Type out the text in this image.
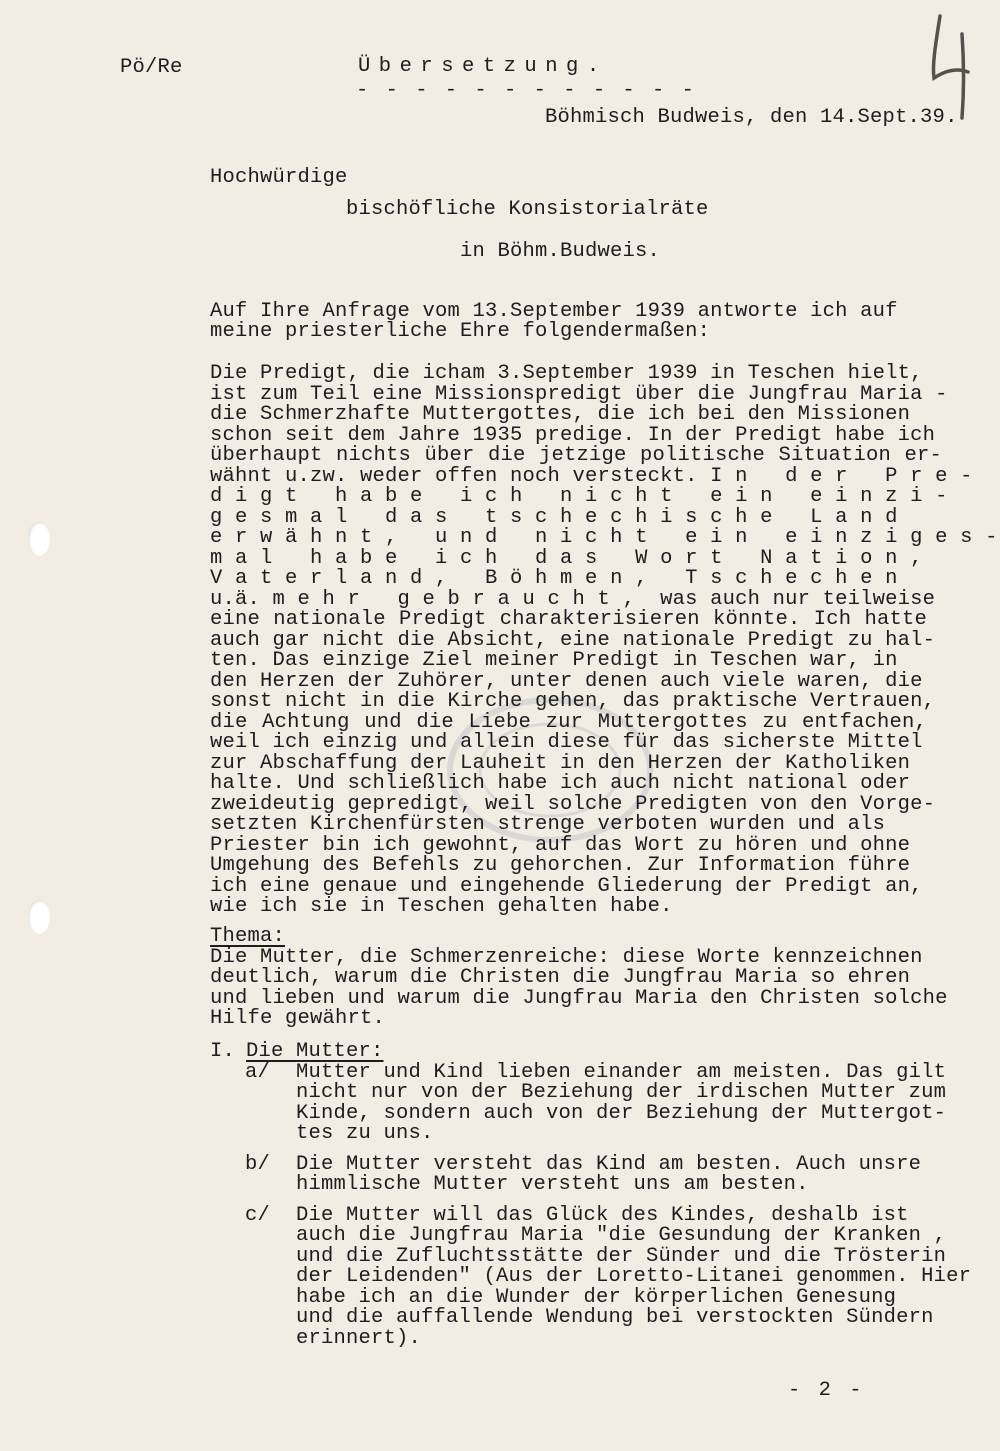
Pö/Re	Übersetzung.
- - - - - - - - - - - -
Böhmisch Budweis, den 14.Sept.39.
Hochwürdige
bischöfliche Konsistorialräte
in Böhm.Budweis.
Auf Ihre Anfrage vom 13.September 1939 antworte ich auf
meine priesterliche Ehre folgendermaßen:
Die Predigt, die icham 3.September 1939 in Teschen hielt,
ist zum Teil eine Missionspredigt über die Jungfrau Maria -
die Schmerzhafte Muttergottes, die ich bei den Missionen
schon seit dem Jahre 1935 predige. In der Predigt habe ich
überhaupt nichts über die jetzige politische Situation er-
wähnt u.zw. weder offen noch versteckt. I n   d e r   P r e -
d i g t   h a b e   i c h   n i c h t   e i n   e i n z i -
g e s m a l   d a s   t s c h e c h i s c h e   L a n d
e r w ä h n t ,   u n d   n i c h t   e i n   e i n z i g e s -
m a l   h a b e   i c h   d a s   W o r t   N a t i o n ,
V a t e r l a n d ,   B ö h m e n ,   T s c h e c h e n
u.ä. m e h r   g e b r a u c h t ,  was auch nur teilweise
eine nationale Predigt charakterisieren könnte. Ich hatte
auch gar nicht die Absicht, eine nationale Predigt zu hal-
ten. Das einzige Ziel meiner Predigt in Teschen war, in
den Herzen der Zuhörer, unter denen auch viele waren, die
sonst nicht in die Kirche gehen, das praktische Vertrauen,
die Achtung und die Liebe zur Muttergottes zu entfachen,
weil ich einzig und allein diese für das sicherste Mittel
zur Abschaffung der Lauheit in den Herzen der Katholiken
halte. Und schließlich habe ich auch nicht national oder
zweideutig gepredigt, weil solche Predigten von den Vorge-
setzten Kirchenfürsten strenge verboten wurden und als
Priester bin ich gewohnt, auf das Wort zu hören und ohne
Umgehung des Befehls zu gehorchen. Zur Information führe
ich eine genaue und eingehende Gliederung der Predigt an,
wie ich sie in Teschen gehalten habe.
Thema:
Die Mutter, die Schmerzenreiche: diese Worte kennzeichnen
deutlich, warum die Christen die Jungfrau Maria so ehren
und lieben und warum die Jungfrau Maria den Christen solche
Hilfe gewährt.
I. Die Mutter:
a/ Mutter und Kind lieben einander am meisten. Das gilt
nicht nur von der Beziehung der irdischen Mutter zum
Kinde, sondern auch von der Beziehung der Muttergot-
tes zu uns.
b/ Die Mutter versteht das Kind am besten. Auch unsre
himmlische Mutter versteht uns am besten.
c/ Die Mutter will das Glück des Kindes, deshalb ist
auch die Jungfrau Maria "die Gesundung der Kranken ,
und die Zufluchtsstätte der Sünder und die Trösterin
der Leidenden" (Aus der Loretto-Litanei genommen. Hier
habe ich an die Wunder der körperlichen Genesung
und die auffallende Wendung bei verstockten Sündern
erinnert).
- 2 -
